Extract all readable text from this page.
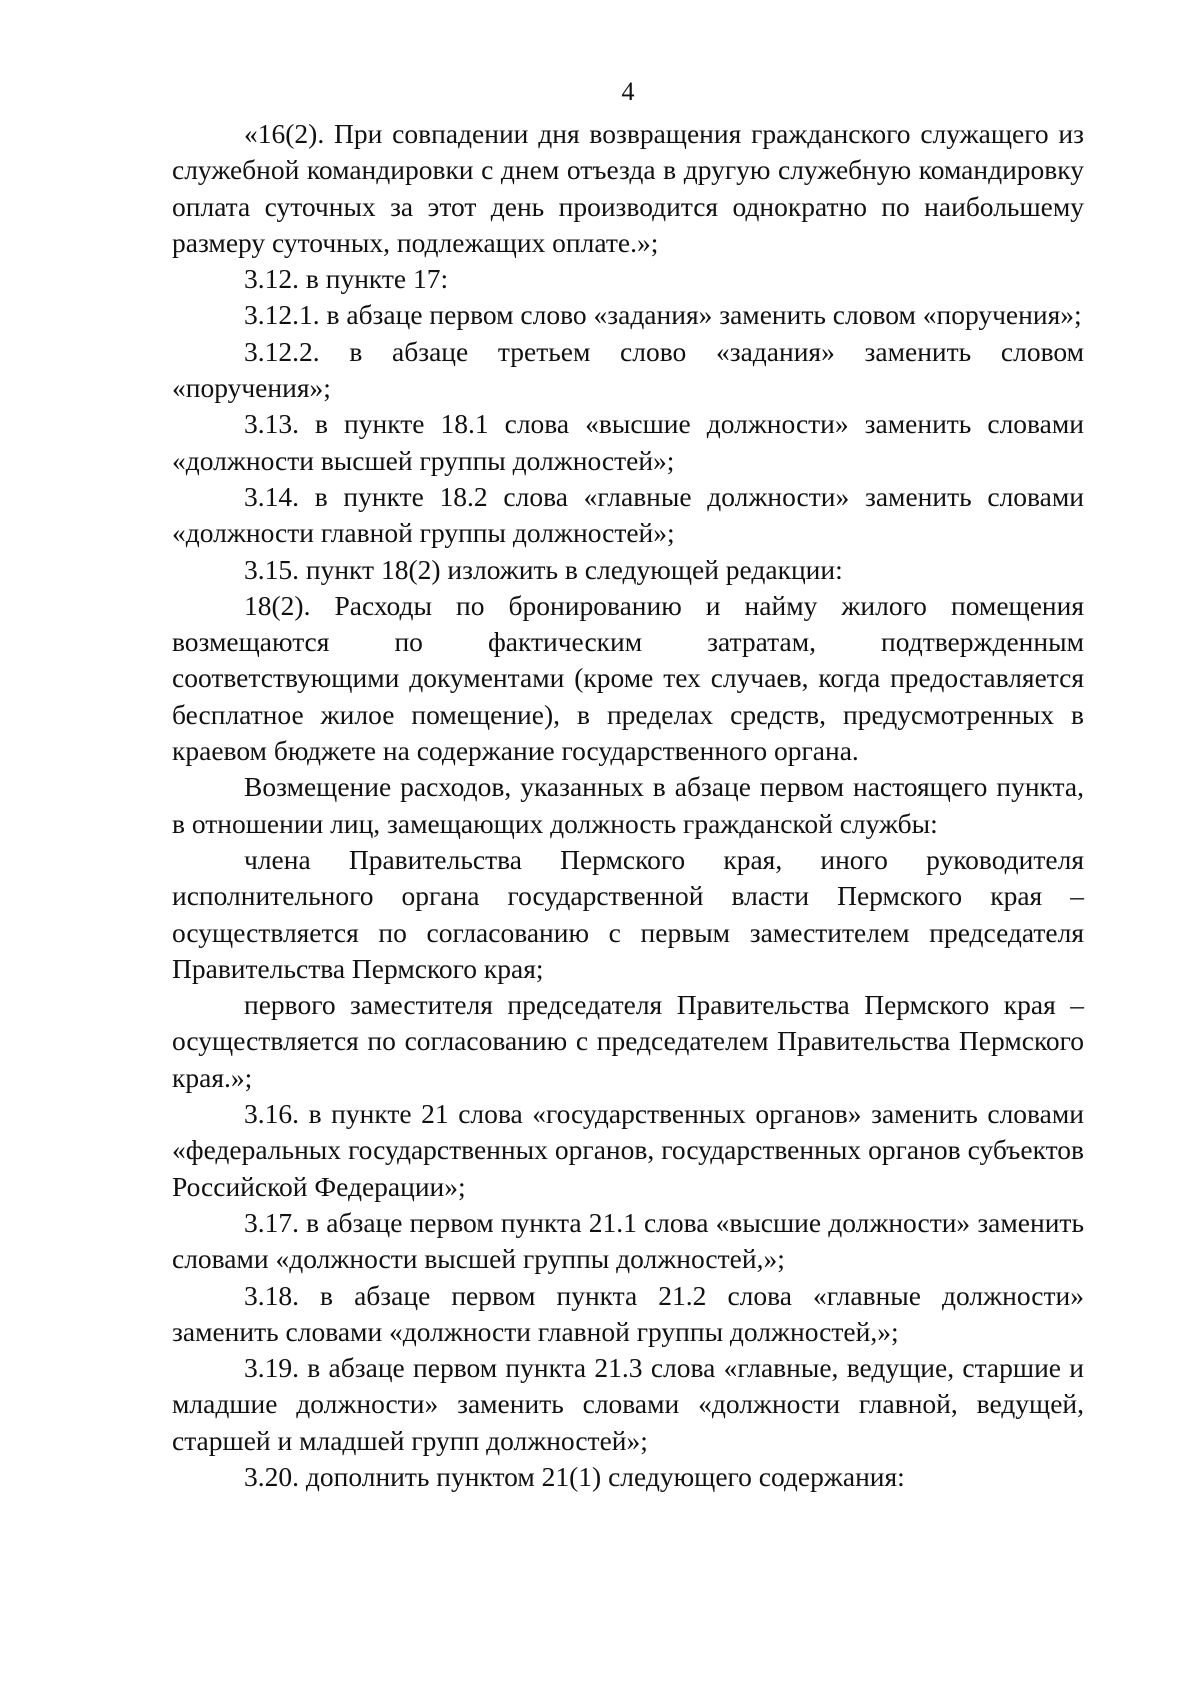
4

«16(2). При совпадении дня возвращения гражданского служащего из служебной командировки с днем отъезда в другую служебную командировку оплата суточных за этот день производится однократно по наибольшему размеру суточных, подлежащих оплате.»;

3.12. в пункте 17:

3.12.1. в абзаце первом слово «задания» заменить словом «поручения»;

3.12.2. в абзаце третьем слово «задания» заменить словом «поручения»;

3.13. в пункте 18.1 слова «высшие должности» заменить словами «должности высшей группы должностей»;

3.14. в пункте 18.2 слова «главные должности» заменить словами «должности главной группы должностей»;

3.15. пункт 18(2) изложить в следующей редакции:

18(2). Расходы по бронированию и найму жилого помещения возмещаются по фактическим затратам, подтвержденным соответствующими документами (кроме тех случаев, когда предоставляется бесплатное жилое помещение), в пределах средств, предусмотренных в краевом бюджете на содержание государственного органа.

Возмещение расходов, указанных в абзаце первом настоящего пункта, в отношении лиц, замещающих должность гражданской службы:

члена Правительства Пермского края, иного руководителя исполнительного органа государственной власти Пермского края – осуществляется по согласованию с первым заместителем председателя Правительства Пермского края;

первого заместителя председателя Правительства Пермского края – осуществляется по согласованию с председателем Правительства Пермского края.»;

3.16. в пункте 21 слова «государственных органов» заменить словами «федеральных государственных органов, государственных органов субъектов Российской Федерации»;

3.17. в абзаце первом пункта 21.1 слова «высшие должности» заменить словами «должности высшей группы должностей,»;

3.18. в абзаце первом пункта 21.2 слова «главные должности» заменить словами «должности главной группы должностей,»;

3.19. в абзаце первом пункта 21.3 слова «главные, ведущие, старшие и младшие должности» заменить словами «должности главной, ведущей, старшей и младшей групп должностей»;

3.20. дополнить пунктом 21(1) следующего содержания:
